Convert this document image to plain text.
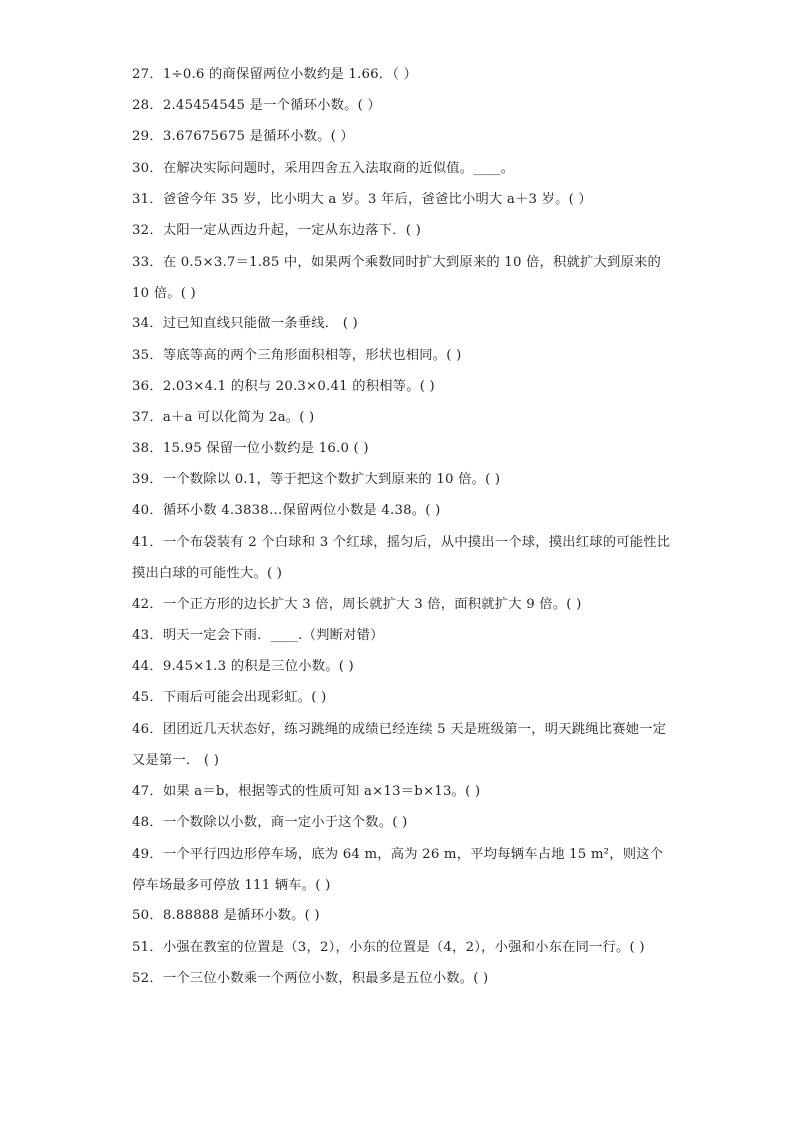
27．1÷0.6 的商保留两位小数约是 1.66．（ ）
28．2.45454545 是一个循环小数。( ）
29．3.67675675 是循环小数。( ）
30．在解决实际问题时，采用四舍五入法取商的近似值。____。
31．爸爸今年 35 岁，比小明大 a 岁。3 年后，爸爸比小明大 a＋3 岁。( ）
32．太阳一定从西边升起，一定从东边落下．( )
33．在 0.5×3.7＝1.85 中，如果两个乘数同时扩大到原来的 10 倍，积就扩大到原来的 10 倍。( )
34．过已知直线只能做一条垂线． ( )
35．等底等高的两个三角形面积相等，形状也相同。( )
36．2.03×4.1 的积与 20.3×0.41 的积相等。( )
37．a＋a 可以化简为 2a。( )
38．15.95 保留一位小数约是 16.0 ( )
39．一个数除以 0.1，等于把这个数扩大到原来的 10 倍。( )
40．循环小数 4.3838…保留两位小数是 4.38。( )
41．一个布袋装有 2 个白球和 3 个红球，摇匀后，从中摸出一个球，摸出红球的可能性比摸出白球的可能性大。( )
42．一个正方形的边长扩大 3 倍，周长就扩大 3 倍，面积就扩大 9 倍。( )
43．明天一定会下雨．____.（判断对错）
44．9.45×1.3 的积是三位小数。( )
45．下雨后可能会出现彩虹。( )
46．团团近几天状态好，练习跳绳的成绩已经连续 5 天是班级第一，明天跳绳比赛她一定又是第一． ( )
47．如果 a＝b，根据等式的性质可知 a×13＝b×13。( )
48．一个数除以小数，商一定小于这个数。( )
49．一个平行四边形停车场，底为 64 m，高为 26 m，平均每辆车占地 15 m²，则这个停车场最多可停放 111 辆车。( )
50．8.88888 是循环小数。( )
51．小强在教室的位置是（3，2），小东的位置是（4，2），小强和小东在同一行。( )
52．一个三位小数乘一个两位小数，积最多是五位小数。( )
